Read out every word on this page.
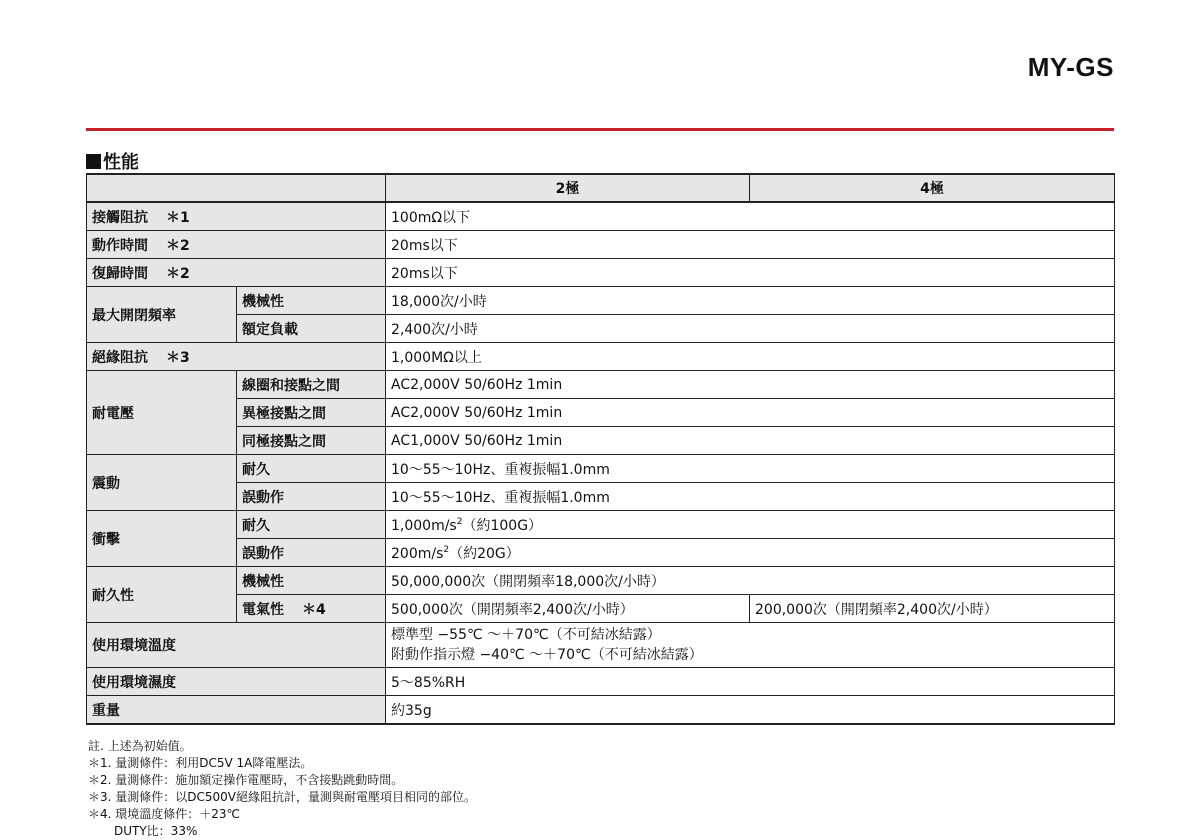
MY-GS
性能
		2極	4極
接觸阻抗 ＊1		100mΩ以下	
動作時間 ＊2		20ms以下	
復歸時間 ＊2		20ms以下	
最大開閉頻率	機械性	18,000次/小時	
	額定負載	2,400次/小時	
絕緣阻抗 ＊3		1,000MΩ以上	
耐電壓	線圈和接點之間	AC2,000V 50/60Hz 1min	
	異極接點之間	AC2,000V 50/60Hz 1min	
	同極接點之間	AC1,000V 50/60Hz 1min	
震動	耐久	10～55～10Hz、重複振幅1.0mm	
	誤動作	10～55～10Hz、重複振幅1.0mm	
衝擊	耐久	$1,000m/s^2$（約100G）	
	誤動作	$200m/s^2$（約20G）	
耐久性	機械性	50,000,000次（開閉頻率18,000次/小時）	
	電氣性 ＊4	500,000次（開閉頻率2,400次/小時）	200,000次（開閉頻率2,400次/小時）
使用環境溫度		標準型 −55℃ ～＋70℃（不可結冰結露）
附動作指示燈 −40℃ ～＋70℃（不可結冰結露）	

使用環境濕度		5～85%RH	
重量		約35g	
註. 上述為初始值。
＊1. 量測條件：利用DC5V 1A降電壓法。
＊2. 量測條件：施加額定操作電壓時，不含接點跳動時間。
＊3. 量測條件：以DC500V絕緣阻抗計，量測與耐電壓項目相同的部位。
＊4. 環境溫度條件：＋23℃
DUTY比：33%
